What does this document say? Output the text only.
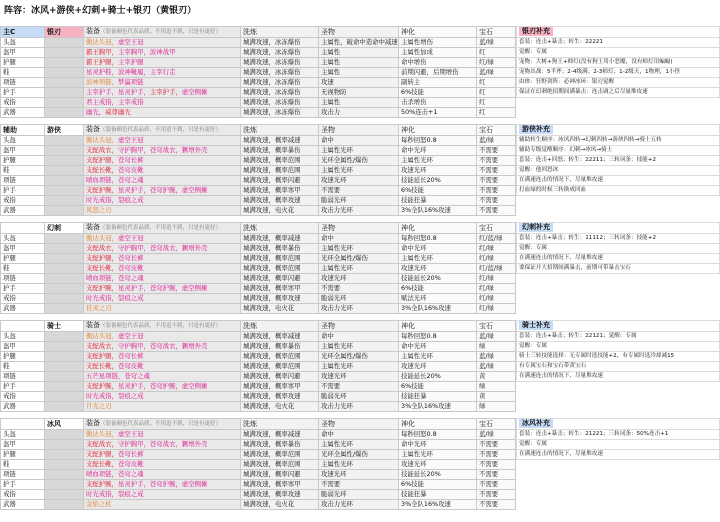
阵容：冰风+游侠+幻刺+骑士+银刃（黄银刃）
主C	银刃	装备（装备颜色代表品质，不用追不到，只是有更好）	洗炼	圣物	神化	宝石
头盔		傲达头冠，虚空王冠	城满攻速，冰冻爆伤	主属性，破命中造命中减速	主属性增伤	蓝/绿
盔甲		霸王胸甲，主宰胸甲，波神战甲	城满攻速，冰冻爆伤	主属性	主属性加成	红
护腿		霸王护腿，主宰护腿	城满攻速，冰冻爆伤	主属性	命中增伤	红/绿
鞋		星灵护鞋，波神靴履，主宰行走	城满攻速，冰冻爆伤	主属性	前期闪避，后期增伤	蓝/绿
项链		波神项链，梦瀛项链	城满攻速，冰冻爆伤	攻速	副转主	红
护手		主宰护手，星灵护手，主宰护手，虚空侧摊	城满攻速，冰冻爆伤	无视物防	6%技能	红
戒指		君主戒指，主宰戒指	城满攻速，冰冻爆伤	主属性	击杀增伤	红
武器		幽光，威尊幽光	城满攻速，冰冻爆伤	攻击力	50%连击+1	红
辅助	游侠	装备（装备颜色代表品质，不用追不到，只是有更好）	洗炼	圣物	神化	宝石
头盔		傲达头冠，虚空王冠	城满攻速，概率减速	命中	每秒回怒0.8	蓝/绿
盔甲		支配战衣，守护胸甲，苍穹战衣，獗增外壳	城满攻速，概率暴伤	主属性光环	命中光环	不需要
护腿		支配护腿，苍穹长裤	城满攻速，概率范围	光环全属性/爆伤	主属性光环	不需要
鞋		支配长靴，苍穹皮靴	城满攻速，概率范围	主属性光环	攻速光环	不需要
项链		晴血项链，苍穹之魂	城满攻速，概率闪避	攻速光环	技能延长20%	不需要
护手		支配护腕，星灵护手，苍穹护腕，虚空侧摊	城满攻速，概率寒甲	不需要	6%技能	不需要
戒指		时光戒指，裂痕之戒	城满攻速，概率攻速	脆弱光环	技能狂暴	不需要
武器		风怒之刃	城满攻速，电火花	攻击力光环	3%全队16%攻速	不需要
	幻刺	装备（装备颜色代表品质，不用追不到，只是有更好）	洗炼	圣物	神化	宝石
头盔		傲达头冠，虚空王冠	城满攻速，概率减速	命中	每秒回怒0.8	红/蓝/绿
盔甲		支配战衣，守护胸甲，苍穹战衣，獗增外壳	城满攻速，概率暴伤	主属性光环	命中光环	红/绿
护腿		支配护腿，苍穹长裤	城满攻速，概率范围	光环全属性/爆伤	主属性光环	红/绿
鞋		支配长靴，苍穹皮靴	城满攻速，概率范围	主属性光环	攻速光环	红/蓝/绿
项链		晴血项链，苍穹之魂	城满攻速，概率闪避	攻速光环	技能延长20%	红/绿
护手		支配护腕，星灵护手，苍穹护腕，虚空侧摊	城满攻速，概率寒甲	不需要	6%技能	红/绿
戒指		时光戒指，裂痕之戒	城满攻速，概率攻速	脆弱光环	赋法光环	红/绿
武器		狂灵之刃	城满攻速，电火花	攻击力光环	3%全队16%攻速	红/绿
	骑士	装备（装备颜色代表品质，不用追不到，只是有更好）	洗炼	圣物	神化	宝石
头盔		傲达头冠，虚空王冠	城满攻速，概率减速	命中	每秒回怒0.8	蓝/绿
盔甲		支配战衣，守护胸甲，苍穹战衣，獗增外壳	城满攻速，概率暴伤	主属性光环	命中光环	绿
护腿		支配护腿，苍穹长裤	城满攻速，概率范围	光环全属性/爆伤	主属性光环	蓝/绿
鞋		支配长靴，苍穹皮靴	城满攻速，概率范围	主属性光环	攻速光环	蓝/绿
项链		五芒星项链，苍穹之魂	城满攻速，概率闪避	攻速光环	技能延长20%	黄
护手		支配护腕，星灵护手，苍穹护腕，虚空侧摊	城满攻速，概率寒甲	不需要	6%技能	绿
戒指		时光戒指，裂痕之戒	城满攻速，概率攻速	脆弱光环	技能狂暴	黄
武器		月光之刃	城满攻速，电火花	攻击力光环	3%全队16%攻速	绿
	冰风	装备（装备颜色代表品质，不用追不到，只是有更好）	洗炼	圣物	神化	宝石
头盔		傲达头冠，虚空王冠	城满攻速，概率减速	命中	每秒回怒0.8	蓝/绿
盔甲		支配战衣，守护胸甲，苍穹战衣，獗增外壳	城满攻速，概率暴伤	主属性光环	命中光环	不需要
护腿		支配护腿，苍穹长裤	城满攻速，概率范围	光环全属性/爆伤	主属性光环	不需要
鞋		支配长靴，苍穹皮靴	城满攻速，概率范围	主属性光环	攻速光环	不需要
项链		晴血项链，苍穹之魂	城满攻速，概率闪避	攻速光环	技能延长20%	不需要
护手		支配护腕，星灵护手，苍穹护腕，虚空侧摊	城满攻速，概率寒甲	不需要	6%技能	不需要
戒指		时光戒指，裂痕之戒	城满攻速，概率攻速	脆弱光环	技能狂暴	不需要
武器		金焰之杖	城满攻速，电火花	攻击力光环	3%全队16%攻速	不需要
银刃补充
套装：连击+暴击；转生：22221
觉醒：专属
宠物：大树+狗王+师灯(没有狗王用小恶魔，没有师灯用蝙蝠)
宠物出战：5半斧；2-4级满；2-3师灯；1-2级天，1物理，1小怪
由体：狂野剑阵：必神冰环：银刃觉醒
保证在幻刺绝招期间满暴击：连击调之后尽量堆攻速
游侠补充
辅助转生顺序：冰风四转→幻刺四转→游侠四转→骑士五转
辅助专级觉醒顺序：幻刺→冰风→骑士
套装：连击+回怒；转生：22211；三转词条：技能+2
觉醒：他回怒冰
在满速连击的情况下，尽量堆攻速
打血绿的时候三转换成回血
幻刺补充
套装：连击+暴击；转生：11112；三转词条：技能+2
觉醒：专属
在满速连击的情况下，尽量堆攻速
要保证开大招期间满暴击，前期可带暴击宝石
骑士补充
套装：连击+暴击；转生：22121；觉醒：专属
觉醒：专属
骑士三转技能选择：无专属时选技能+2，有专属时选冷却减15
有专属宝石和宝石带黄宝石
在满速连击的情况下，尽量堆攻速
冰风补充
套装：连击+暴击；转生：21221；三转词条：50%连击+1
觉醒：专属
在满速连击的情况下，尽量堆攻速
